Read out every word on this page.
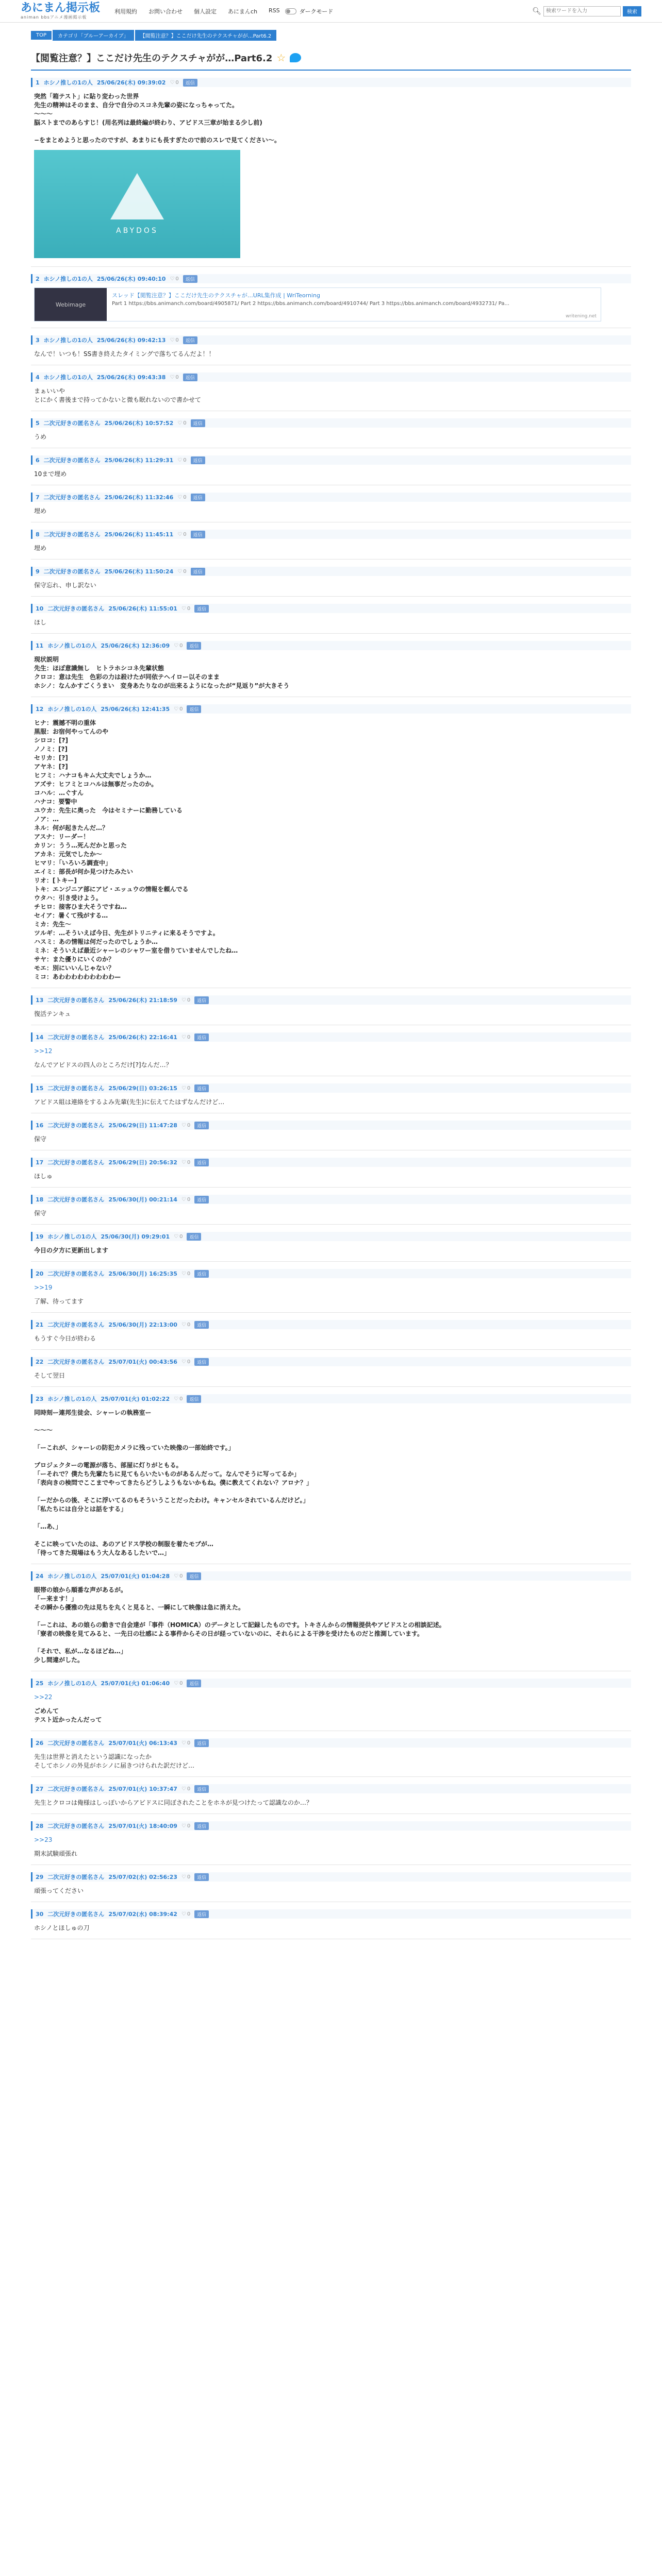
あにまん掲示板
animan bbsアニメ漫画掲示板
利用規約 お問い合わせ 個人設定 あにまんch RSS	ダークモード	🔍︎
検索ワードを入力	検索
TOP	カテゴリ「ブルーアーカイブ」	【閲覧注意？】ここだけ先生のテクスチャがが…Part6.2
【閲覧注意？】ここだけ先生のテクスチャがが…Part6.2 ☆
1 ホシノ推しの1の人 25/06/26(木) 09:39:02 ♡ 0	返信
突然「箱テスト」に貼り変わった世界
先生の精神はそのまま、自分で自分のスコネ先輩の姿になっちゃってた。
〜〜〜
脳ストまでのあらすじ！(用名列は最終編が終わり、アビドス三章が始まる少し前)

−をまとめようと思ったのですが、あまりにも長すぎたので前のスレで見てください〜。
ABYDOS
2 ホシノ推しの1の人 25/06/26(木) 09:40:10 ♡ 0	返信
Webimage
スレッド【閲覧注意？】ここだけ先生のテクスチャが…URL集作成 | WriTeorning
Part 1 https://bbs.animanch.com/board/4905871/ Part 2 https://bbs.animanch.com/board/4910744/ Part 3 https://bbs.animanch.com/board/4932731/ Pa...
writening.net
3 ホシノ推しの1の人 25/06/26(木) 09:42:13 ♡ 0	返信
なんで！いつも！SS書き終えたタイミングで落ちてるんだよ！！
4 ホシノ推しの1の人 25/06/26(木) 09:43:38 ♡ 0	返信
まぁいいや
とにかく書後まで持ってかないと微も眠れないので書かせて
5 二次元好きの匿名さん 25/06/26(木) 10:57:52 ♡ 0	返信
うめ
6 二次元好きの匿名さん 25/06/26(木) 11:29:31 ♡ 0	返信
10まで埋め
7 二次元好きの匿名さん 25/06/26(木) 11:32:46 ♡ 0	返信
埋め
8 二次元好きの匿名さん 25/06/26(木) 11:45:11 ♡ 0	返信
埋め
9 二次元好きの匿名さん 25/06/26(木) 11:50:24 ♡ 0	返信
保守忘れ、申し訳ない
10 二次元好きの匿名さん 25/06/26(木) 11:55:01 ♡ 0	返信
ほし
11 ホシノ推しの1の人 25/06/26(木) 12:36:09 ♡ 0	返信
現状説明
先生：ほぼ意識無し　ヒトラホシコネ先輩状態
クロコ：意は先生　色彩の力は殺けたが同依テヘイロー以そのまま
ホシノ：なんかすごくうまい　変身あたりなのが出来るようになったが“見返り”が大きそう
12 ホシノ推しの1の人 25/06/26(木) 12:41:35 ♡ 0	返信
ヒナ：震撼不明の重体
黒服：お宿何やってんのや
シロコ：[?]
ノノミ：[?]
セリカ：[?]
アヤネ：[?]
ヒフミ：ハナコもキム大丈夫でしょうか…
アズサ：ヒフミとコハルは無事だったのか。
コハル：…ぐすん
ハナコ：要警中
ユウカ：先生に奥った　今はセミナーに勤務している
ノア：…
ネル：何が起きたんだ…？
アスナ：リーダー！
カリン：うう…死んだかと思った
アカネ：元気でしたか～
ヒマリ：「いろいろ調査中」
エイミ：部長が何か見つけたみたい
リオ：[トキー]
トキ：エンジニア部にアビ・エッュウの情報を頼んでる
ウタハ：引き受けよう。
チヒロ：接客ひま大そうですね…
セイア：暑くて残がする…
ミカ：先生～
ツルギ：…そういえば今日、先生がトリニティに来るそうですよ。
ハスミ：あの情報は何だったのでしょうか…
ミネ：そういえば最近シャーレのシャワー室を借りていませんでしたね…
サヤ：また優りにいくのか？
モエ：別にいいんじゃない？
ミコ：あわわわわわわわわわ—
13 二次元好きの匿名さん 25/06/26(木) 21:18:59 ♡ 0	返信
復活テンキュ
14 二次元好きの匿名さん 25/06/26(木) 22:16:41 ♡ 0	返信
>>12
なんでアビドスの四人のところだけ[?]なんだ…？
15 二次元好きの匿名さん 25/06/29(日) 03:26:15 ♡ 0	返信
アビドス組は連絡をするよみ先輩(先生)に伝えてたはずなんだけど…
16 二次元好きの匿名さん 25/06/29(日) 11:47:28 ♡ 0	返信
保守
17 二次元好きの匿名さん 25/06/29(日) 20:56:32 ♡ 0	返信
ほしゅ
18 二次元好きの匿名さん 25/06/30(月) 00:21:14 ♡ 0	返信
保守
19 ホシノ推しの1の人 25/06/30(月) 09:29:01 ♡ 0	返信
今日の夕方に更新出します
20 二次元好きの匿名さん 25/06/30(月) 16:25:35 ♡ 0	返信
>>19
了解、待ってます
21 二次元好きの匿名さん 25/06/30(月) 22:13:00 ♡ 0	返信
もうすぐ今日が終わる
22 二次元好きの匿名さん 25/07/01(火) 00:43:56 ♡ 0	返信
そして翌日
23 ホシノ推しの1の人 25/07/01(火) 01:02:22 ♡ 0	返信
同時刻ー連邦生徒会、シャーレの執務室ー

〜〜〜

「ーこれが、シャーレの防犯カメラに残っていた映像の一部始終です。」

プロジェクターの電源が落ち、部屋に灯りがともる。
「ーそれで？僕たち先輩たちに見てもらいたいものがあるんだって。なんでそうに写ってるか」
「表向きの検問でここまでやってきたらどうしようもないかもね。僕に教えてくれない？アロナ？」

「ーだからの後、そこに浮いてるのもそういうことだったわけ。キャンセルされているんだけど。」
「私たちには自分とは話をする」

「…あ、」

そこに映っていたのは、あのアビドス学校の制服を着たモブが…
「待ってきた現場はもう大人なあるしたいで…」
24 ホシノ推しの1の人 25/07/01(火) 01:04:28 ♡ 0	返信
眼帯の娘から順番な声があるが。
「ー来ます！」
その瞬から優雅の先は見ちを丸くと見ると、一瞬にして映像は急に消えた。

「ーこれは、あの娘らの動きで自会達が「事件（HOMICA）のデータとして記録したものです。トキさんからの情報提供やアビドスとの相談記述。
「寮者の映像を見てみると、一先日の壮感による事件からその日が経っていないのに、それらによる干渉を受けたものだと推測しています。

「それで、私が…なるほどね…」
少し間違がした。
25 ホシノ推しの1の人 25/07/01(火) 01:06:40 ♡ 0	返信
>>22
ごめんて
テスト近かったんだって
26 二次元好きの匿名さん 25/07/01(火) 06:13:43 ♡ 0	返信
先生は世界と消えたという認識になったか
そしてホシノの外見がホシノに届きつけられた訳だけど…
27 二次元好きの匿名さん 25/07/01(火) 10:37:47 ♡ 0	返信
先生とクロコは俺様はしっぽいからアビドスに同ぼされたことをホネが見つけたって認識なのか…？
28 二次元好きの匿名さん 25/07/01(火) 18:40:09 ♡ 0	返信
>>23
期末試験頑張れ
29 二次元好きの匿名さん 25/07/02(水) 02:56:23 ♡ 0	返信
頑張ってください
30 二次元好きの匿名さん 25/07/02(水) 08:39:42 ♡ 0	返信
ホシノとほしゅの刀
